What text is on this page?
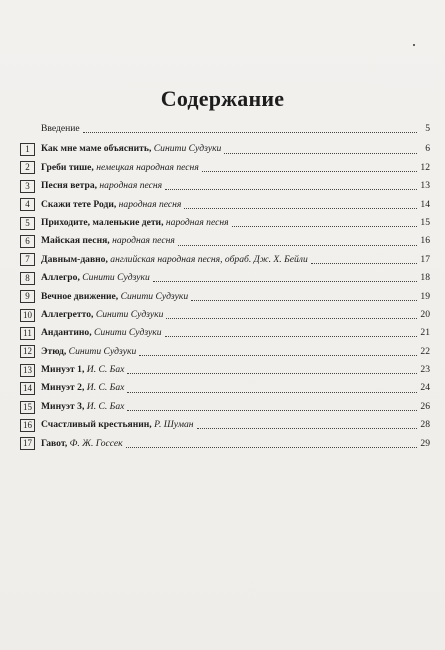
Содержание
Введение	5
1	Как мне маме объяснить, Синити Судзуки	6
2	Греби тише, немецкая народная песня	12
3	Песня ветра, народная песня	13
4	Скажи тете Роди, народная песня	14
5	Приходите, маленькие дети, народная песня	15
6	Майская песня, народная песня	16
7	Давным-давно, английская народная песня, обраб. Дж. Х. Бейли	17
8	Аллегро, Синити Судзуки	18
9	Вечное движение, Синити Судзуки	19
10 Аллегретто, Синити Судзуки	20
11 Андантино, Синити Судзуки	21
12 Этюд, Синити Судзуки	22
13 Минуэт 1, И. С. Бах	23
14 Минуэт 2, И. С. Бах	24
15 Минуэт 3, И. С. Бах	26
16 Счастливый крестьянин, Р. Шуман	28
17 Гавот, Ф. Ж. Госсек	29
